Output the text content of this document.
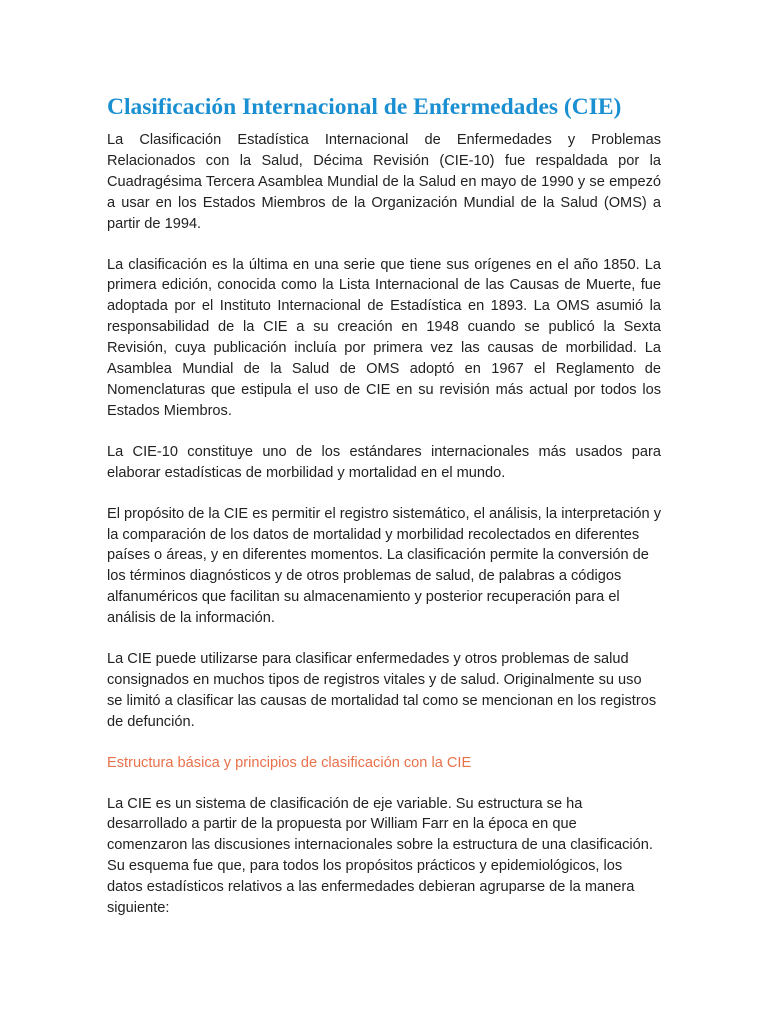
Clasificación Internacional de Enfermedades (CIE)

La Clasificación Estadística Internacional de Enfermedades y Problemas Relacionados con la Salud, Décima Revisión (CIE-10) fue respaldada por la Cuadragésima Tercera Asamblea Mundial de la Salud en mayo de 1990 y se empezó a usar en los Estados Miembros de la Organización Mundial de la Salud (OMS) a partir de 1994.

La clasificación es la última en una serie que tiene sus orígenes en el año 1850. La primera edición, conocida como la Lista Internacional de las Causas de Muerte, fue adoptada por el Instituto Internacional de Estadística en 1893. La OMS asumió la responsabilidad de la CIE a su creación en 1948 cuando se publicó la Sexta Revisión, cuya publicación incluía por primera vez las causas de morbilidad. La Asamblea Mundial de la Salud de OMS adoptó en 1967 el Reglamento de Nomenclaturas que estipula el uso de CIE en su revisión más actual por todos los Estados Miembros.

La CIE-10 constituye uno de los estándares internacionales más usados para elaborar estadísticas de morbilidad y mortalidad en el mundo.

El propósito de la CIE es permitir el registro sistemático, el análisis, la interpretación y la comparación de los datos de mortalidad y morbilidad recolectados en diferentes países o áreas, y en diferentes momentos. La clasificación permite la conversión de los términos diagnósticos y de otros problemas de salud, de palabras a códigos alfanuméricos que facilitan su almacenamiento y posterior recuperación para el análisis de la información.

La CIE puede utilizarse para clasificar enfermedades y otros problemas de salud consignados en muchos tipos de registros vitales y de salud. Originalmente su uso se limitó a clasificar las causas de mortalidad tal como se mencionan en los registros de defunción.

Estructura básica y principios de clasificación con la CIE

La CIE es un sistema de clasificación de eje variable. Su estructura se ha desarrollado a partir de la propuesta por William Farr en la época en que comenzaron las discusiones internacionales sobre la estructura de una clasificación. Su esquema fue que, para todos los propósitos prácticos y epidemiológicos, los datos estadísticos relativos a las enfermedades debieran agruparse de la manera siguiente:
